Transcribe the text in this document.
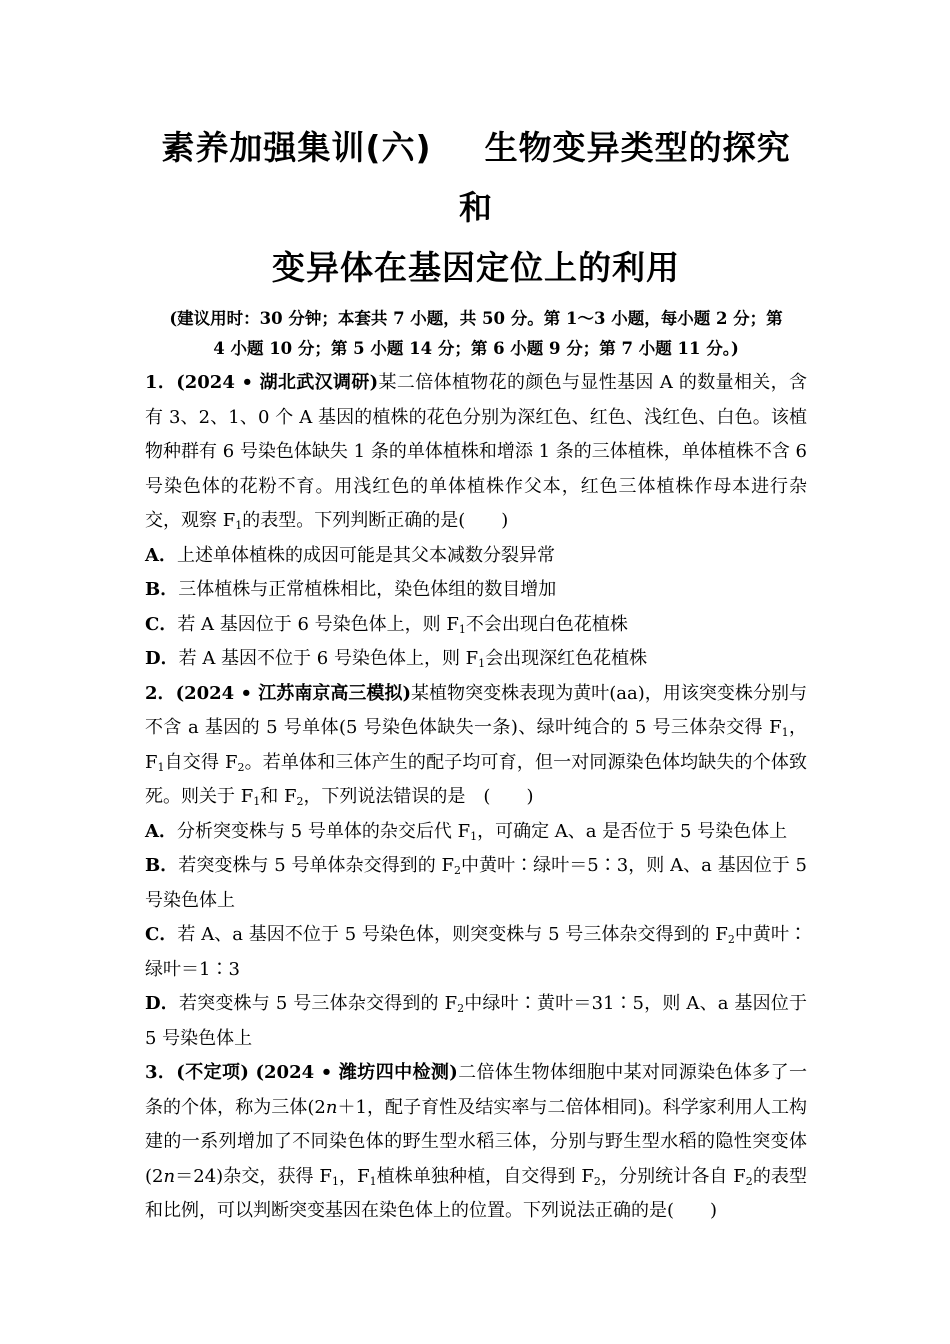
素养加强集训(六) 生物变异类型的探究和
变异体在基因定位上的利用
(建议用时：30 分钟；本套共 7 小题，共 50 分。第 1～3 小题，每小题 2 分；第
4 小题 10 分；第 5 小题 14 分；第 6 小题 9 分；第 7 小题 11 分。)
1．(2024 • 湖北武汉调研)某二倍体植物花的颜色与显性基因 A 的数量相关，含有 3、2、1、0 个 A 基因的植株的花色分别为深红色、红色、浅红色、白色。该植物种群有 6 号染色体缺失 1 条的单体植株和增添 1 条的三体植株，单体植株不含 6 号染色体的花粉不育。用浅红色的单体植株作父本，红色三体植株作母本进行杂交，观察 $F_1$的表型。下列判断正确的是(　　)
A．上述单体植株的成因可能是其父本减数分裂异常
B．三体植株与正常植株相比，染色体组的数目增加
C．若 A 基因位于 6 号染色体上，则 $F_1$不会出现白色花植株
D．若 A 基因不位于 6 号染色体上，则 $F_1$会出现深红色花植株
2．(2024 • 江苏南京高三模拟)某植物突变株表现为黄叶(aa)，用该突变株分别与不含 a 基因的 5 号单体(5 号染色体缺失一条)、绿叶纯合的 5 号三体杂交得 $F_1$，$F_1$自交得 $F_2$。若单体和三体产生的配子均可育，但一对同源染色体均缺失的个体致死。则关于 $F_1$和 $F_2$，下列说法错误的是　(　　)
A．分析突变株与 5 号单体的杂交后代 $F_1$，可确定 A、a 是否位于 5 号染色体上
B．若突变株与 5 号单体杂交得到的 $F_2$中黄叶∶绿叶＝5∶3，则 A、a 基因位于 5 号染色体上
C．若 A、a 基因不位于 5 号染色体，则突变株与 5 号三体杂交得到的 $F_2$中黄叶∶绿叶＝1∶3
D．若突变株与 5 号三体杂交得到的 $F_2$中绿叶∶黄叶＝31∶5，则 A、a 基因位于 5 号染色体上
3．(不定项) (2024 • 潍坊四中检测)二倍体生物体细胞中某对同源染色体多了一条的个体，称为三体(2n＋1，配子育性及结实率与二倍体相同)。科学家利用人工构建的一系列增加了不同染色体的野生型水稻三体，分别与野生型水稻的隐性突变体(2n＝24)杂交，获得 $F_1$，$F_1$植株单独种植，自交得到 $F_2$，分别统计各自 $F_2$的表型和比例，可以判断突变基因在染色体上的位置。下列说法正确的是(　　)
